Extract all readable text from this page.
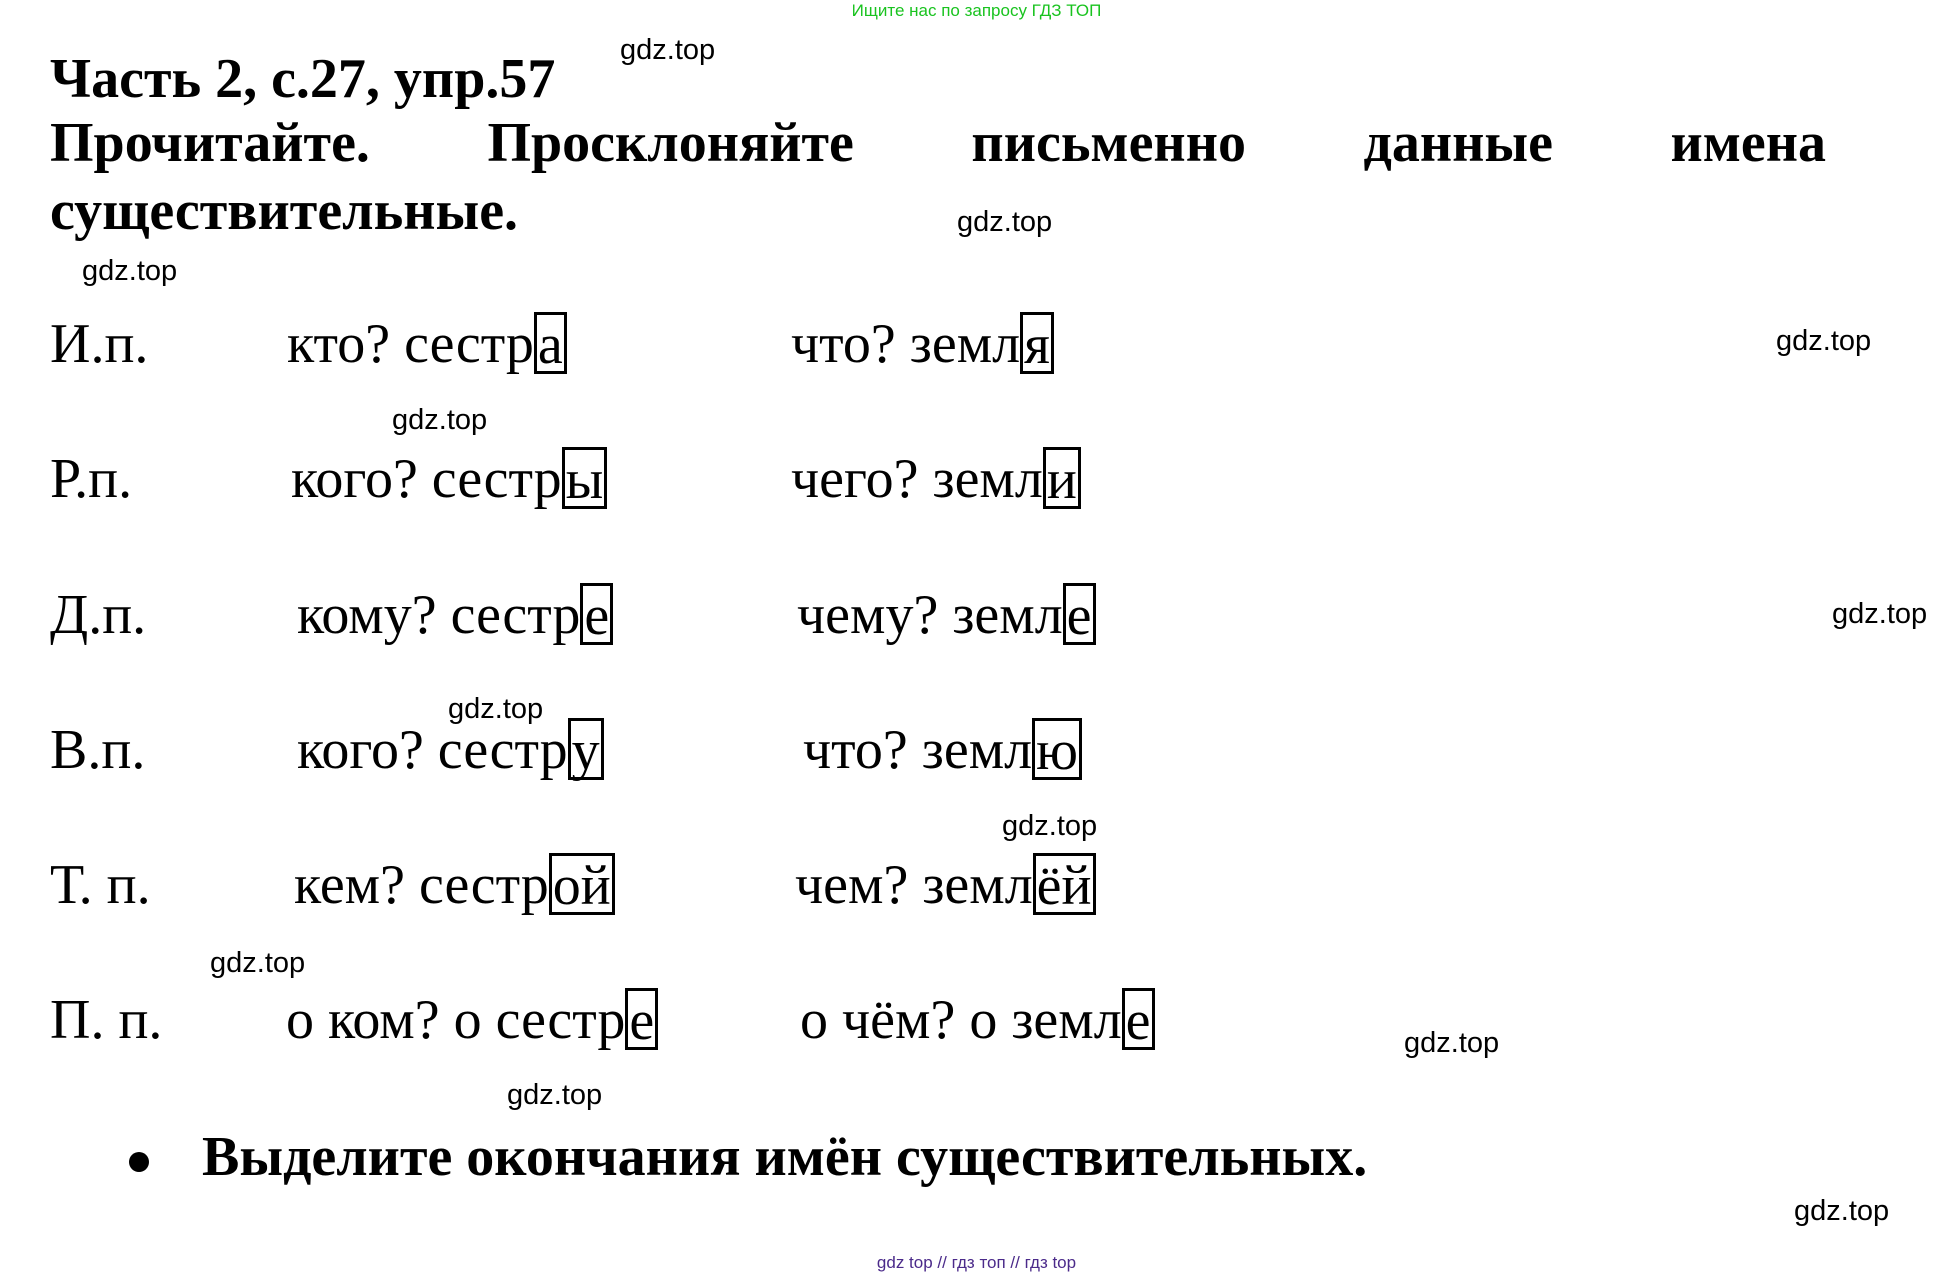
Ищите нас по запросу ГДЗ ТОП
Часть 2, с.27, упр.57
Прочитайте. Просклоняйте письменно данные имена существительные.
И.п. кто? сестра	что? земля
Р.п.	кого? сестры	чего? земли
Д.п.	кому? сестре	чему? земле
В.п.	кого? сестру	что? землю
Т. п.	кем? сестрой	чем? землёй
П. п. о ком? о сестре	о чём? о земле
Выделите окончания имён существительных.
gdz.top
gdz.top
gdz.top
gdz.top
gdz.top
gdz.top
gdz.top
gdz.top
gdz.top
gdz.top
gdz.top
gdz.top
gdz top // гдз топ // гдз top
